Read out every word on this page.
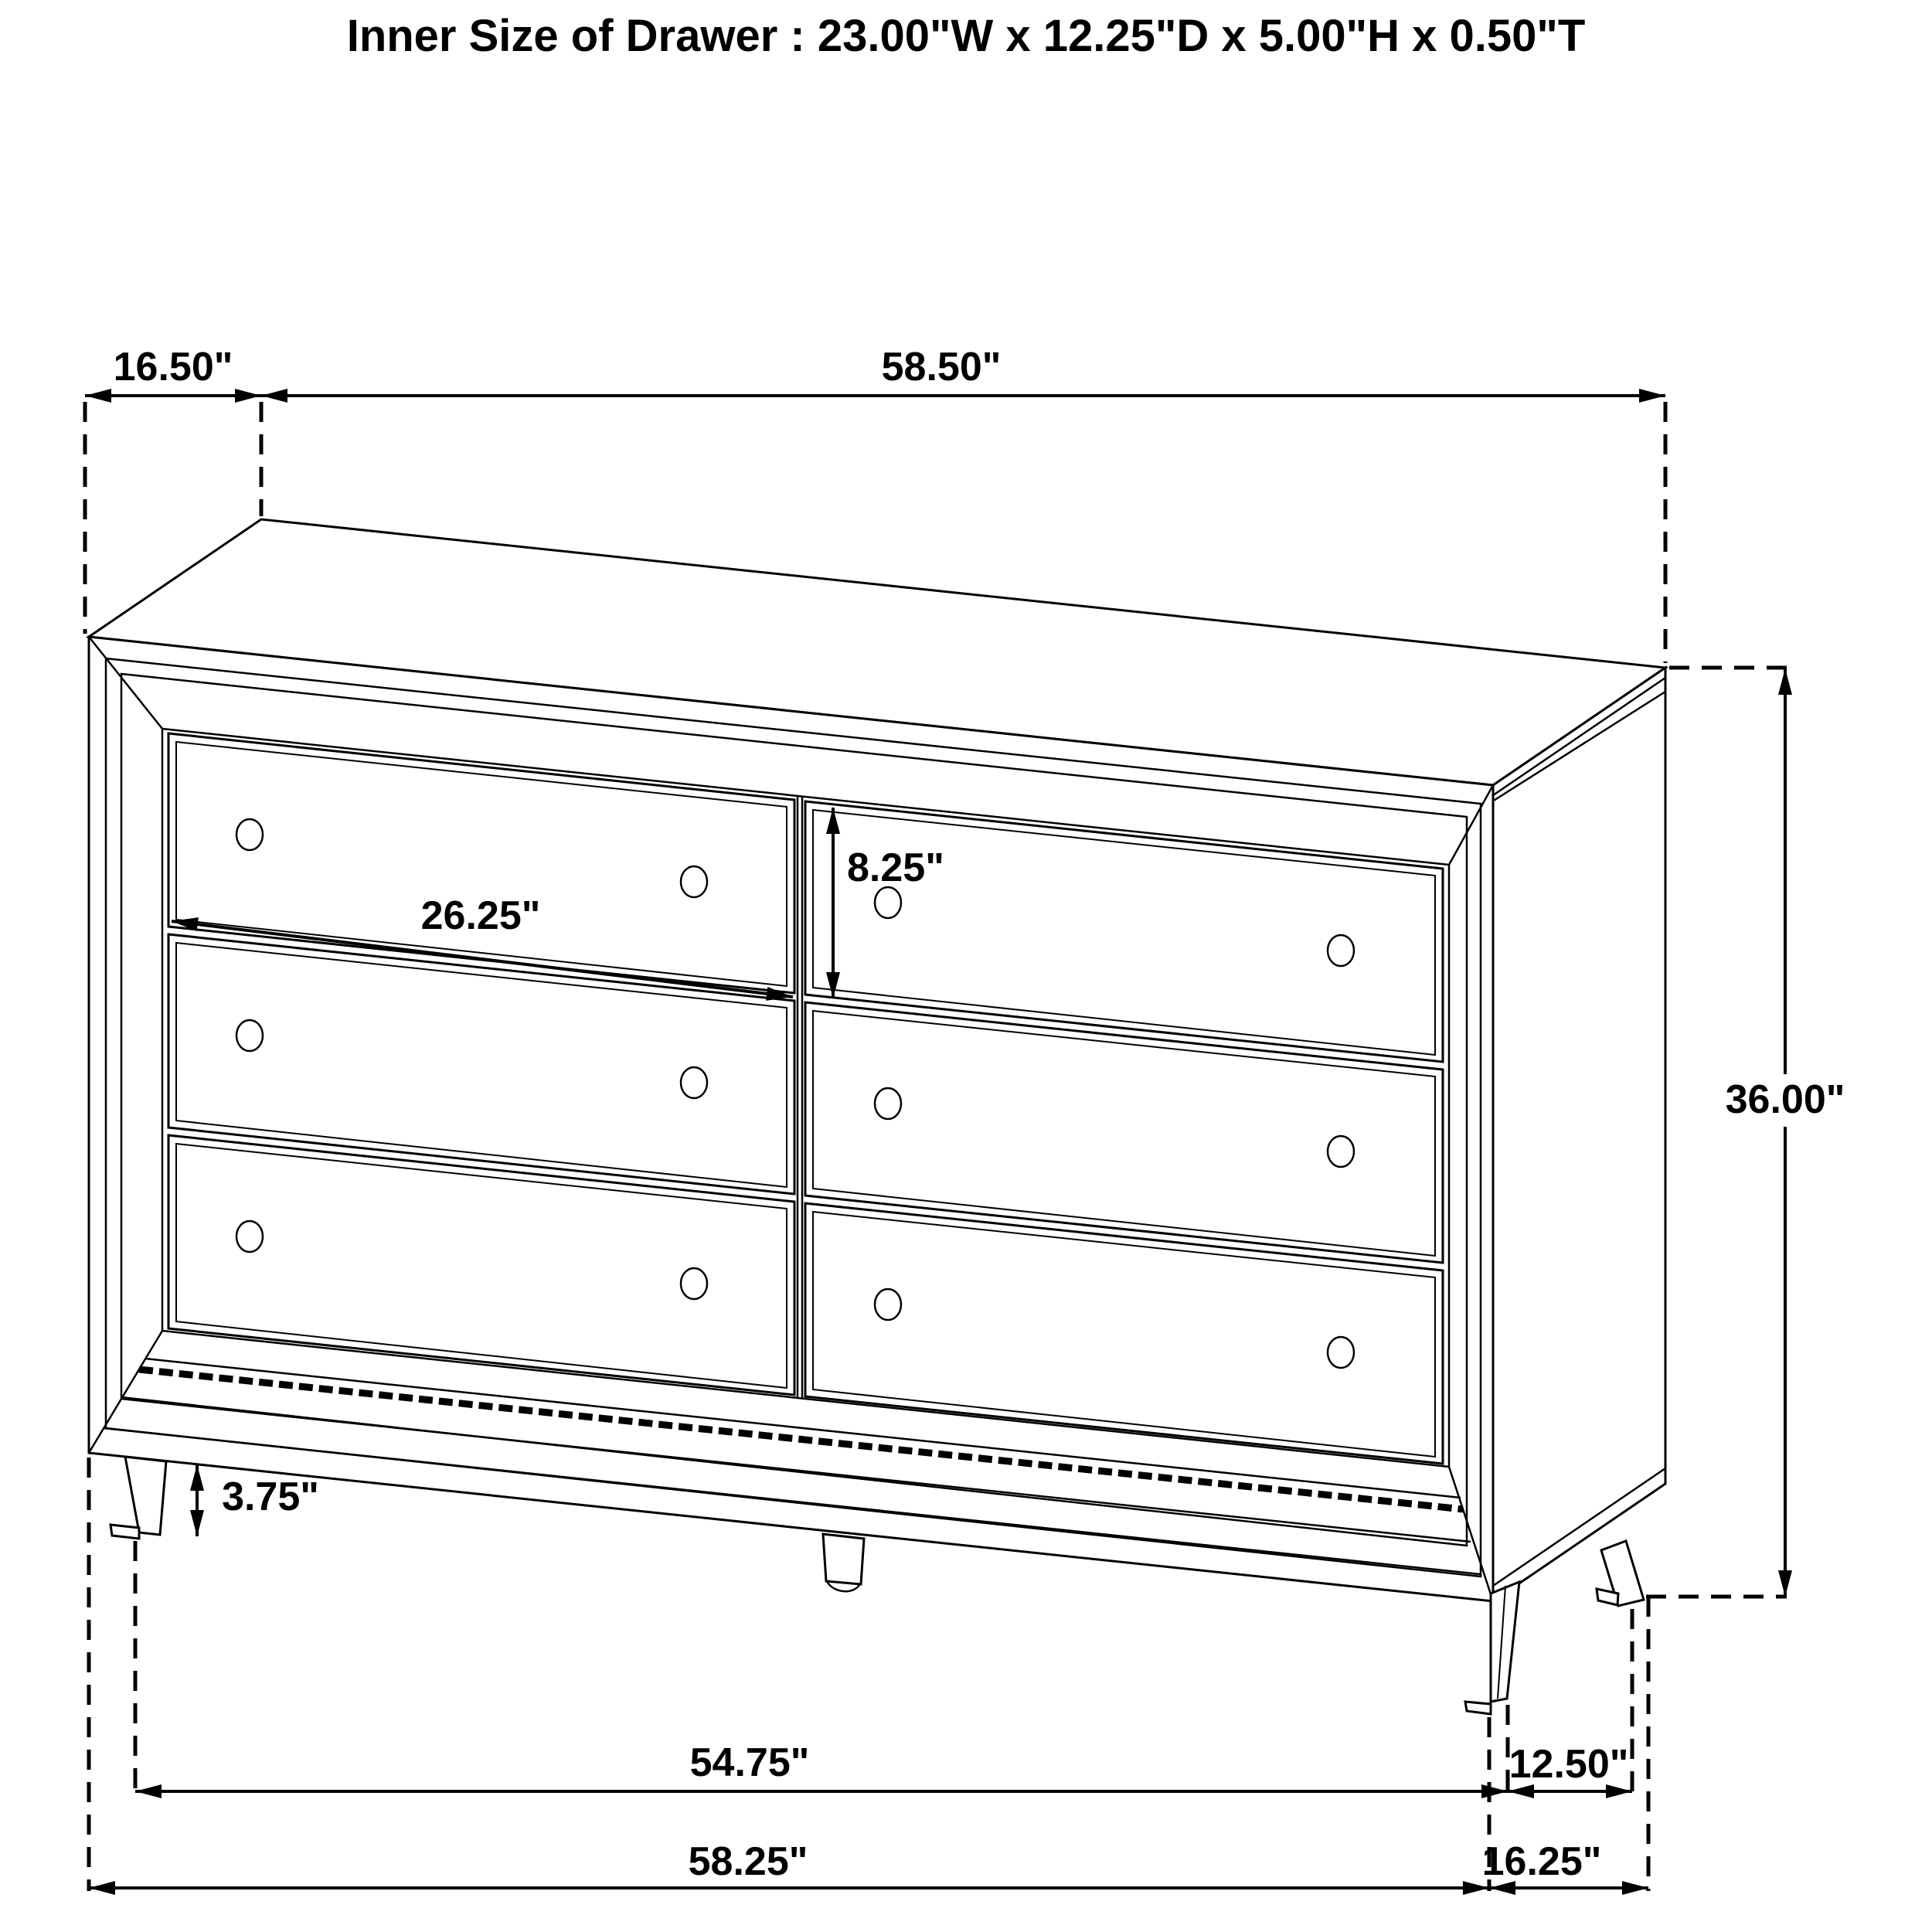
Inner Size of Drawer : 23.00"W x 12.25"D x 5.00"H x 0.50"T
16.50"	58.50"
26.25"
8.25"
36.00"
3.75"
54.75"	12.50"
58.25"	16.25"
